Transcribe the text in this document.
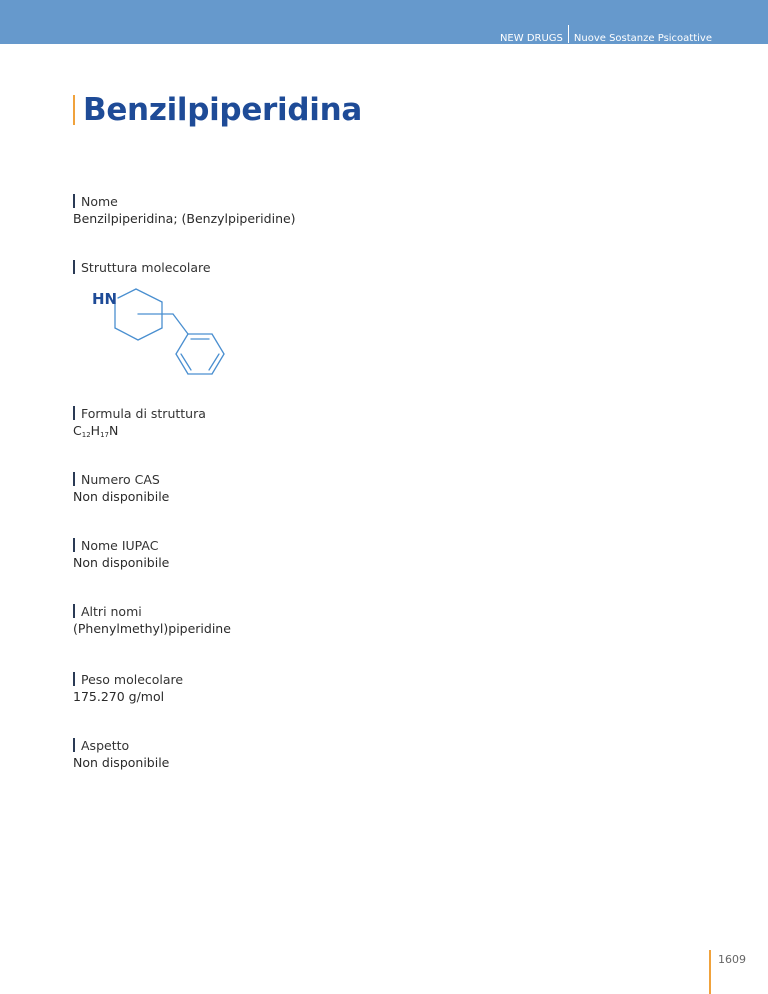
NEW DRUGS Nuove Sostanze Psicoattive
Benzilpiperidina
Nome
Benzilpiperidina; (Benzylpiperidine)
Struttura molecolare
HN
Formula di struttura
$C_{12}H_{17}N$
Numero CAS
Non disponibile
Nome IUPAC
Non disponibile
Altri nomi
(Phenylmethyl)piperidine
Peso molecolare
175.270 g/mol
Aspetto
Non disponibile
1609
